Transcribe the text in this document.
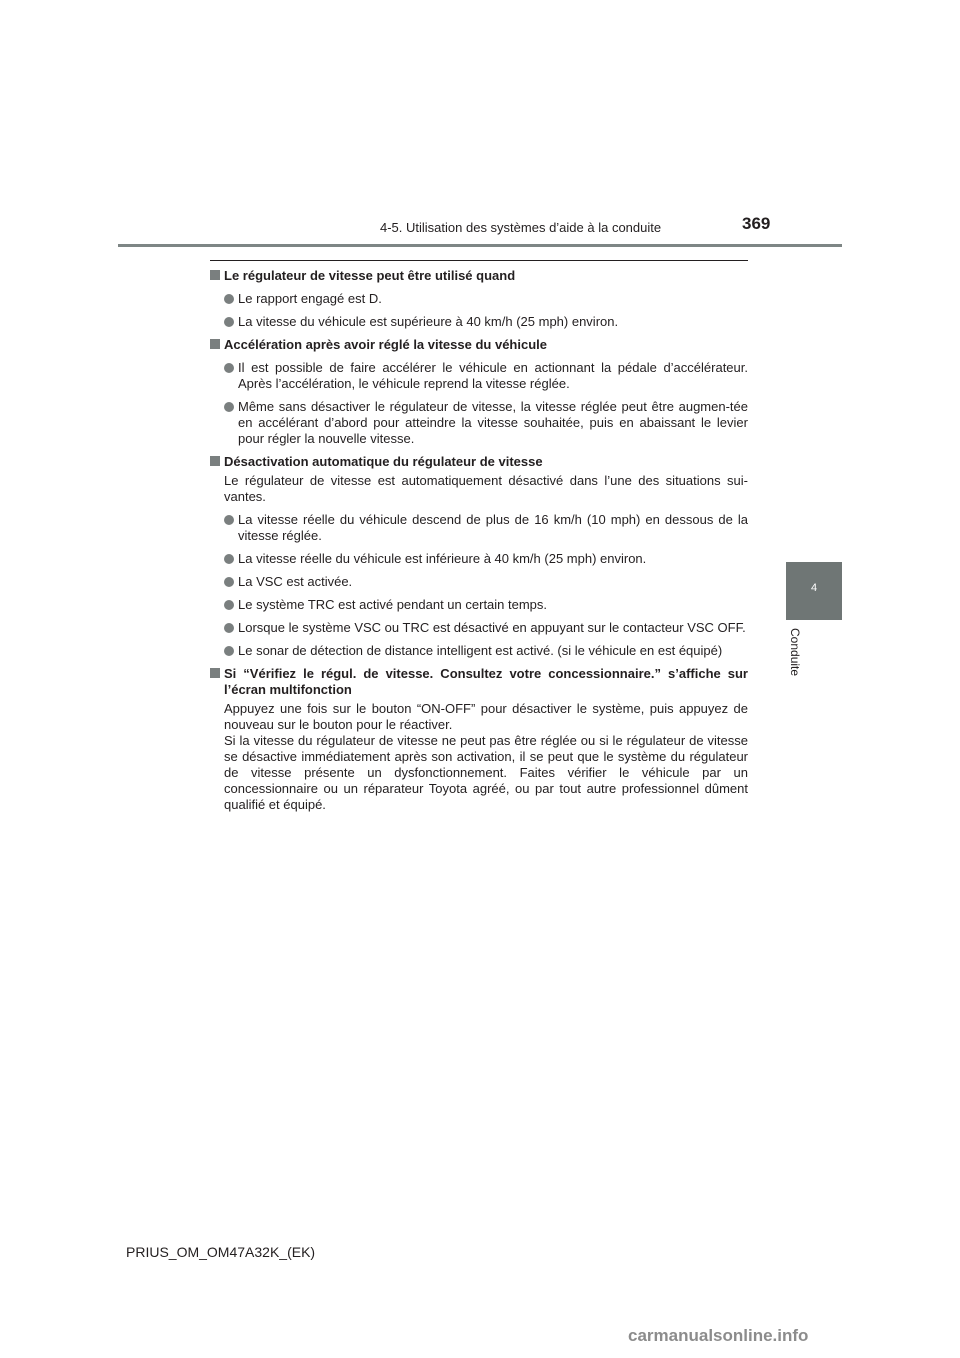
4-5. Utilisation des systèmes d’aide à la conduite	369
4
Conduite
Le régulateur de vitesse peut être utilisé quand
Le rapport engagé est D.
La vitesse du véhicule est supérieure à 40 km/h (25 mph) environ.
Accélération après avoir réglé la vitesse du véhicule
Il est possible de faire accélérer le véhicule en actionnant la pédale d’accélérateur. Après l’accélération, le véhicule reprend la vitesse réglée.
Même sans désactiver le régulateur de vitesse, la vitesse réglée peut être augmen-tée en accélérant d’abord pour atteindre la vitesse souhaitée, puis en abaissant le levier pour régler la nouvelle vitesse.
Désactivation automatique du régulateur de vitesse
Le régulateur de vitesse est automatiquement désactivé dans l’une des situations sui-vantes.
La vitesse réelle du véhicule descend de plus de 16 km/h (10 mph) en dessous de la vitesse réglée.
La vitesse réelle du véhicule est inférieure à 40 km/h (25 mph) environ.
La VSC est activée.
Le système TRC est activé pendant un certain temps.
Lorsque le système VSC ou TRC est désactivé en appuyant sur le contacteur VSC OFF.
Le sonar de détection de distance intelligent est activé. (si le véhicule en est équipé)
Si “Vérifiez le régul. de vitesse. Consultez votre concessionnaire.” s’affiche sur l’écran multifonction
Appuyez une fois sur le bouton “ON-OFF” pour désactiver le système, puis appuyez de nouveau sur le bouton pour le réactiver.
Si la vitesse du régulateur de vitesse ne peut pas être réglée ou si le régulateur de vitesse se désactive immédiatement après son activation, il se peut que le système du régulateur de vitesse présente un dysfonctionnement. Faites vérifier le véhicule par un concessionnaire ou un réparateur Toyota agréé, ou par tout autre professionnel dûment qualifié et équipé.
PRIUS_OM_OM47A32K_(EK)
carmanualsonline.info
